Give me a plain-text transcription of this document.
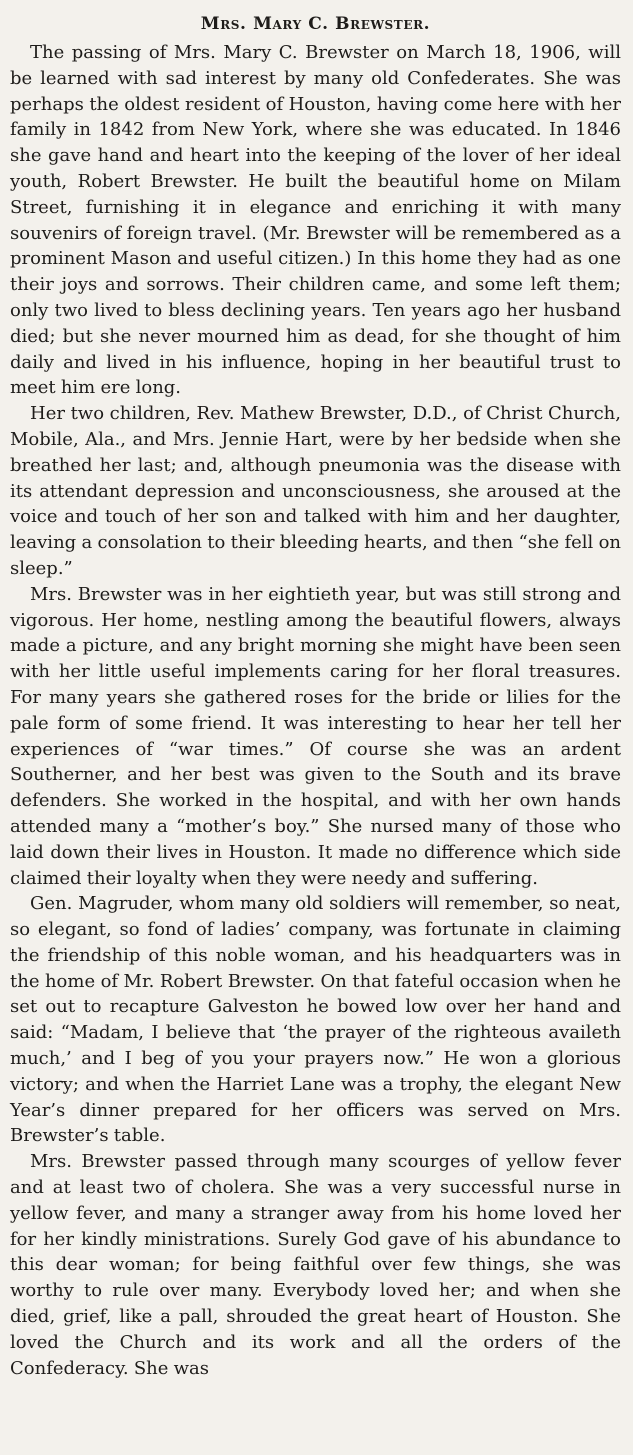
Mrs. Mary C. Brewster.

The passing of Mrs. Mary C. Brewster on March 18, 1906, will be learned with sad interest by many old Confederates. She was perhaps the oldest resident of Houston, having come here with her family in 1842 from New York, where she was educated. In 1846 she gave hand and heart into the keeping of the lover of her ideal youth, Robert Brewster. He built the beautiful home on Milam Street, furnishing it in elegance and enriching it with many souvenirs of foreign travel. (Mr. Brewster will be remembered as a prominent Mason and useful citizen.) In this home they had as one their joys and sorrows. Their children came, and some left them; only two lived to bless declining years. Ten years ago her husband died; but she never mourned him as dead, for she thought of him daily and lived in his influence, hoping in her beautiful trust to meet him ere long.

Her two children, Rev. Mathew Brewster, D.D., of Christ Church, Mobile, Ala., and Mrs. Jennie Hart, were by her bedside when she breathed her last; and, although pneumonia was the disease with its attendant depression and unconsciousness, she aroused at the voice and touch of her son and talked with him and her daughter, leaving a consolation to their bleeding hearts, and then “she fell on sleep.”

Mrs. Brewster was in her eightieth year, but was still strong and vigorous. Her home, nestling among the beautiful flowers, always made a picture, and any bright morning she might have been seen with her little useful implements caring for her floral treasures. For many years she gathered roses for the bride or lilies for the pale form of some friend. It was interesting to hear her tell her experiences of “war times.” Of course she was an ardent Southerner, and her best was given to the South and its brave defenders. She worked in the hospital, and with her own hands attended many a “mother’s boy.” She nursed many of those who laid down their lives in Houston. It made no difference which side claimed their loyalty when they were needy and suffering.

Gen. Magruder, whom many old soldiers will remember, so neat, so elegant, so fond of ladies’ company, was fortunate in claiming the friendship of this noble woman, and his headquarters was in the home of Mr. Robert Brewster. On that fateful occasion when he set out to recapture Galveston he bowed low over her hand and said: “Madam, I believe that ‘the prayer of the righteous availeth much,’ and I beg of you your prayers now.” He won a glorious victory; and when the Harriet Lane was a trophy, the elegant New Year’s dinner prepared for her officers was served on Mrs. Brewster’s table.

Mrs. Brewster passed through many scourges of yellow fever and at least two of cholera. She was a very successful nurse in yellow fever, and many a stranger away from his home loved her for her kindly ministrations. Surely God gave of his abundance to this dear woman; for being faithful over few things, she was worthy to rule over many. Everybody loved her; and when she died, grief, like a pall, shrouded the great heart of Houston. She loved the Church and its work and all the orders of the Confederacy. She was
